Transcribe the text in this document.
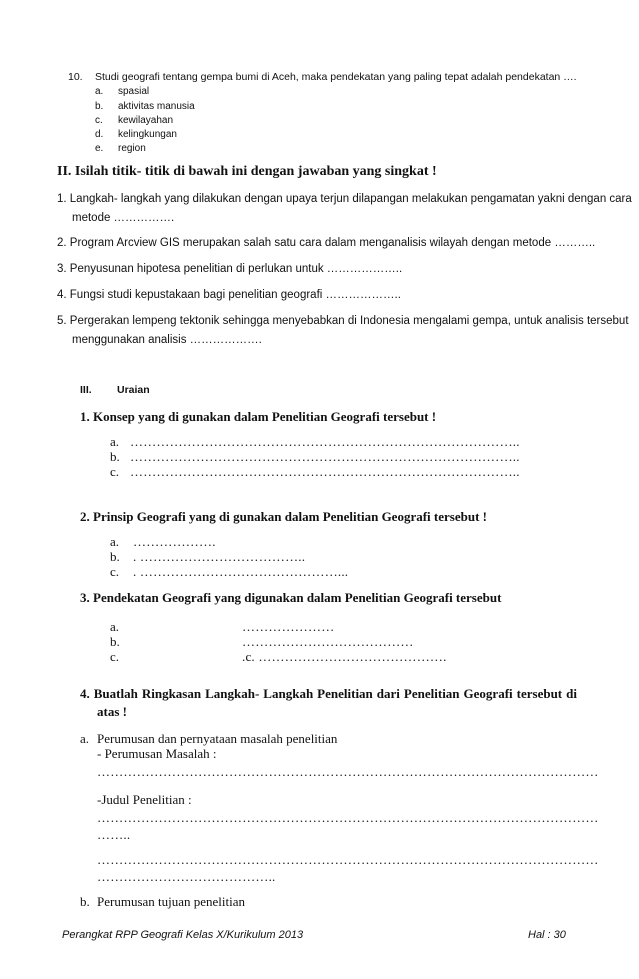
10. Studi geografi tentang gempa bumi di Aceh, maka pendekatan yang paling tepat adalah pendekatan ….
a. spasial
b. aktivitas manusia
c. kewilayahan
d. kelingkungan
e. region
II. Isilah titik- titik di bawah ini dengan jawaban yang singkat !
1. Langkah- langkah yang dilakukan dengan upaya terjun dilapangan melakukan pengamatan yakni dengan cara
metode …………….
2. Program Arcview GIS merupakan salah satu cara dalam menganalisis wilayah dengan metode ………..
3. Penyusunan hipotesa penelitian di perlukan untuk ………………..
4. Fungsi studi kepustakaan bagi penelitian geografi ………………..
5. Pergerakan lempeng tektonik sehingga menyebabkan di Indonesia mengalami gempa, untuk analisis tersebut
menggunakan analisis ……………….
III. Uraian
1. Konsep yang di gunakan dalam Penelitian Geografi tersebut !
a. ……………………………………………………………………………..
b. ……………………………………………………………………………..
c. ……………………………………………………………………………..
2. Prinsip Geografi yang di gunakan dalam Penelitian Geografi tersebut !
a. ……………….
b. . ………………………………..
c. . ………………………………………...
3. Pendekatan Geografi yang digunakan dalam Penelitian Geografi tersebut
a.	…………………
b.	…………………………………
c.	.c. …………………………………….
4. Buatlah Ringkasan Langkah- Langkah Penelitian dari Penelitian Geografi tersebut di
atas !
a. Perumusan dan pernyataan masalah penelitian
- Perumusan Masalah :
……………………………………………………………………………………………………
-Judul Penelitian :
……………………………………………………………………………………………………
……..
……………………………………………………………………………………………………
…………………………………..
b. Perumusan tujuan penelitian
Perangkat RPP Geografi Kelas X/Kurikulum 2013	Hal : 30
